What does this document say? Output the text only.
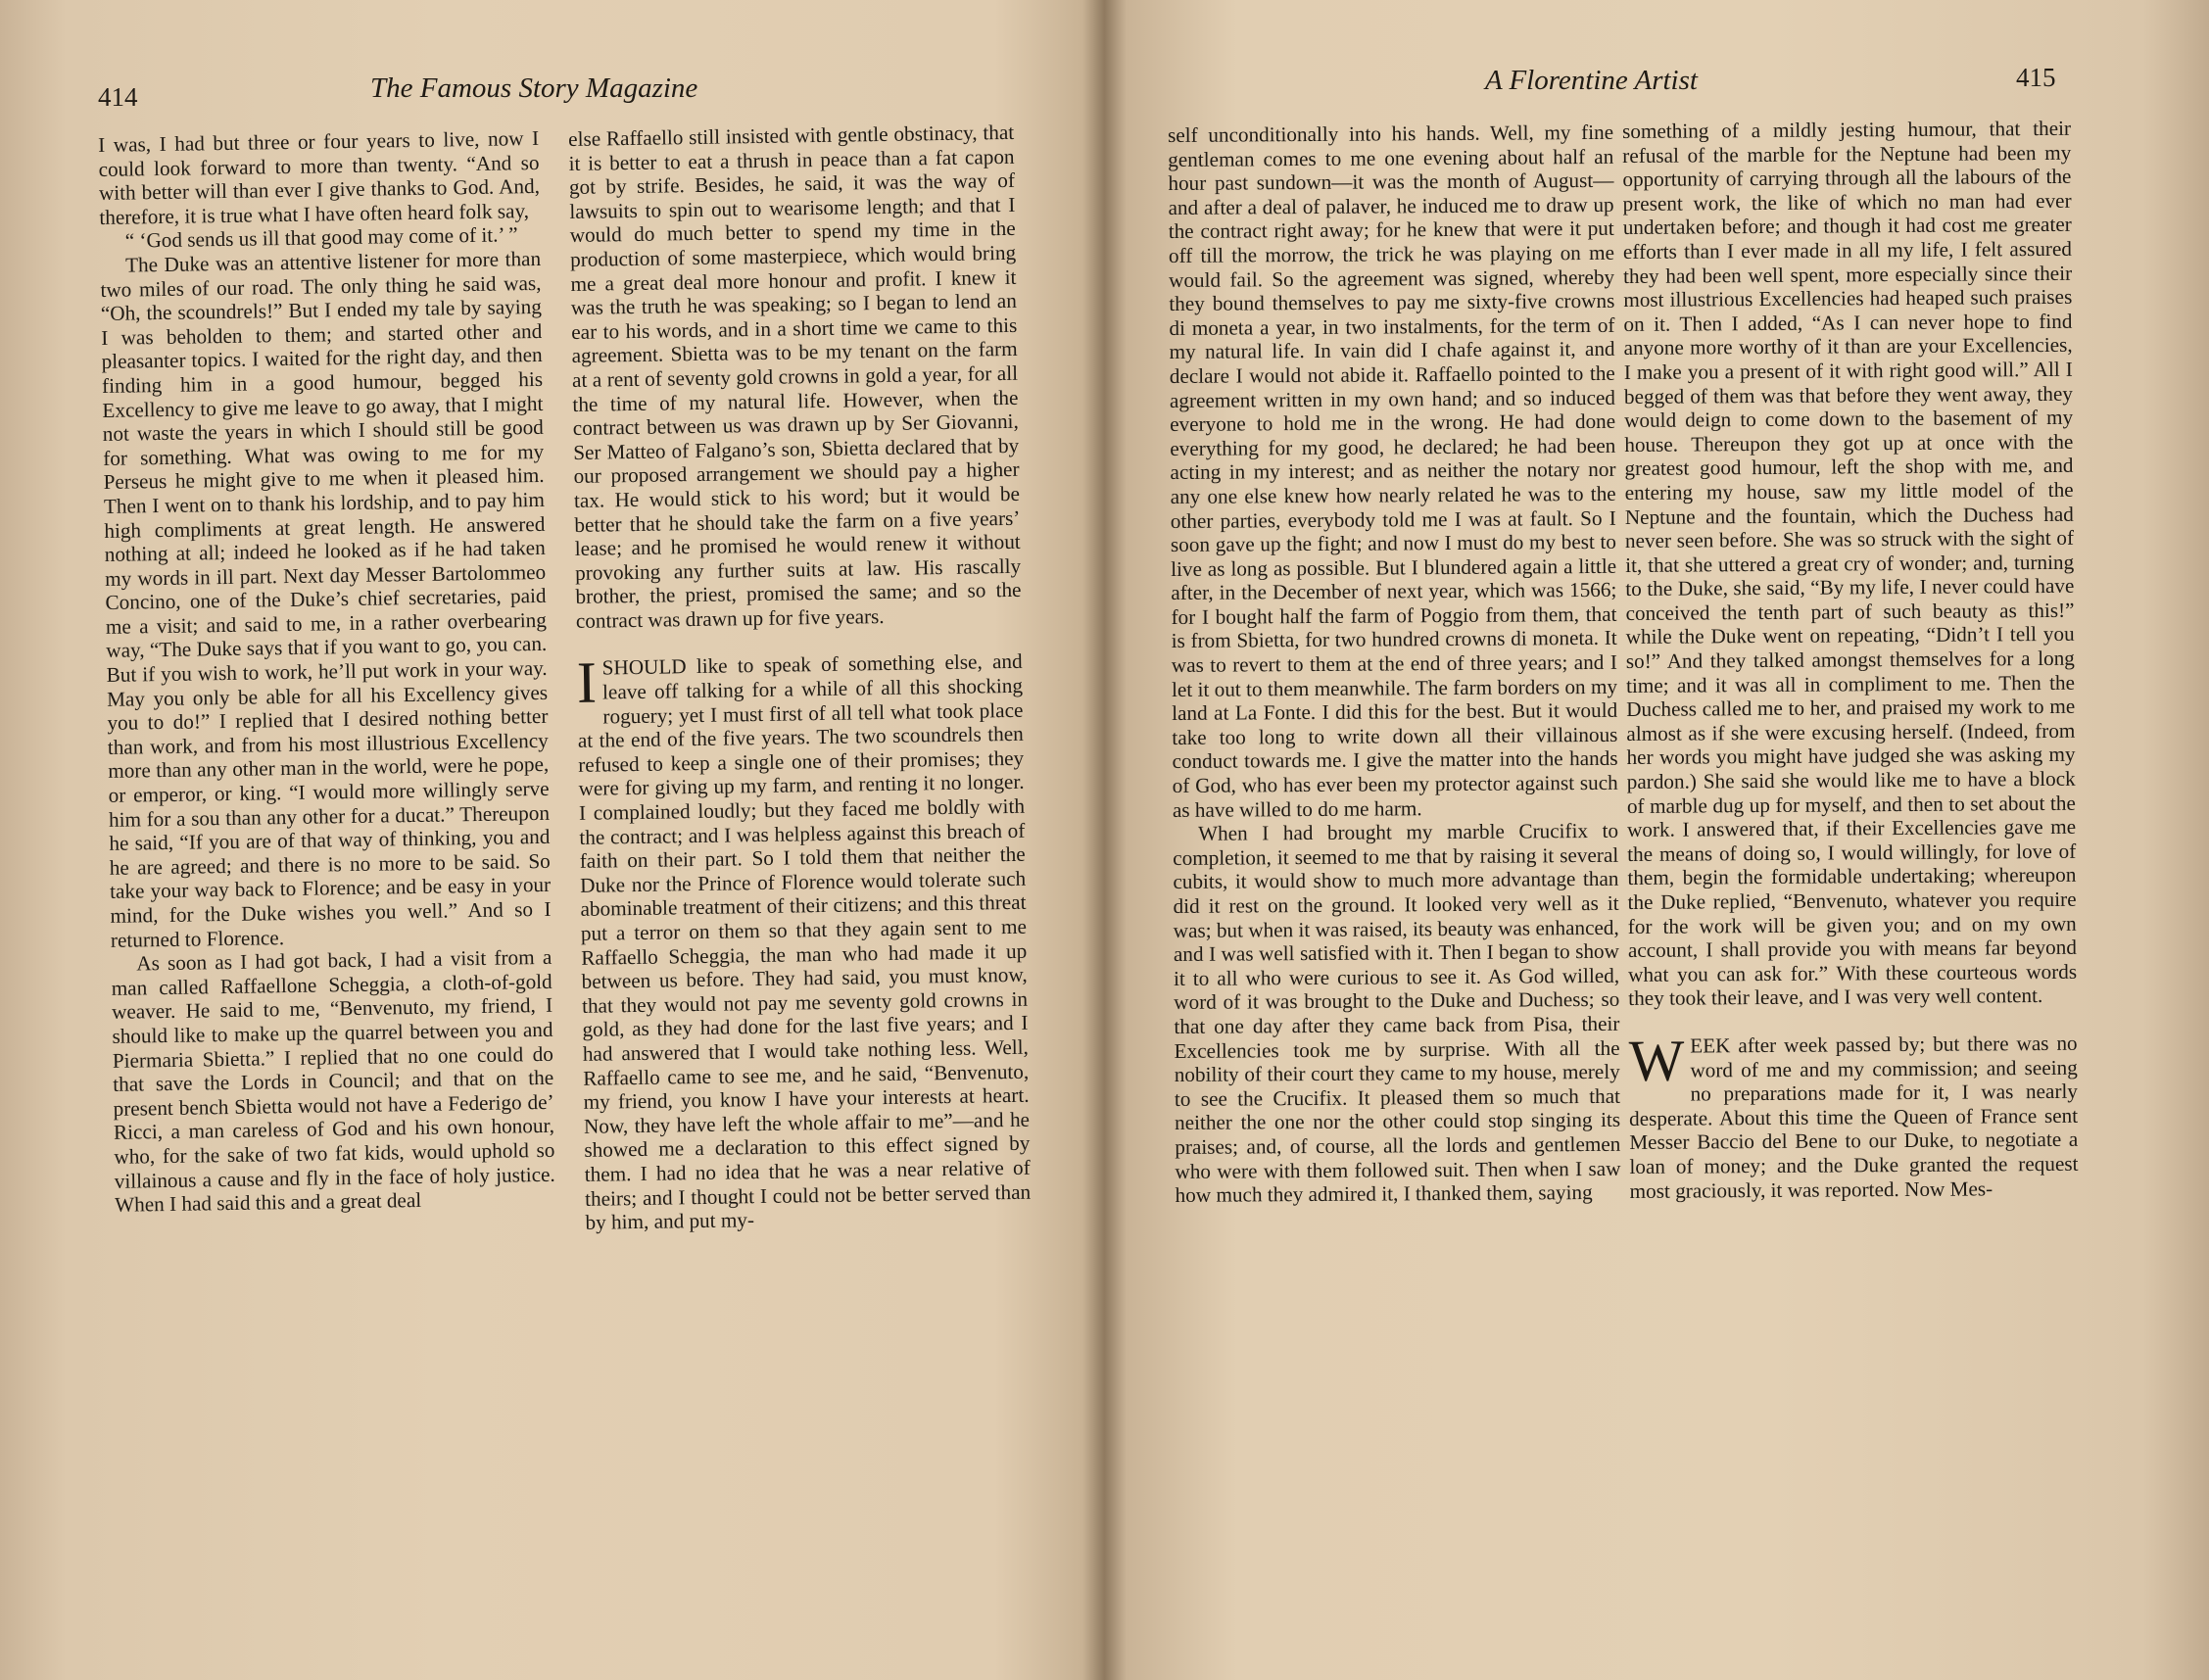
414	The Famous Story Magazine

I was, I had but three or four years to live, now I could look forward to more than twenty. “And so with better will than ever I give thanks to God. And, therefore, it is true what I have often heard folk say,

“ ‘God sends us ill that good may come of it.’ ”

The Duke was an attentive listener for more than two miles of our road. The only thing he said was, “Oh, the scoundrels!” But I ended my tale by saying I was beholden to them; and started other and pleasanter topics. I waited for the right day, and then finding him in a good humour, begged his Excellency to give me leave to go away, that I might not waste the years in which I should still be good for something. What was owing to me for my Perseus he might give to me when it pleased him. Then I went on to thank his lordship, and to pay him high compliments at great length. He answered nothing at all; indeed he looked as if he had taken my words in ill part. Next day Messer Bartolommeo Concino, one of the Duke’s chief secretaries, paid me a visit; and said to me, in a rather overbearing way, “The Duke says that if you want to go, you can. But if you wish to work, he’ll put work in your way. May you only be able for all his Excellency gives you to do!” I replied that I desired nothing better than work, and from his most illustrious Excellency more than any other man in the world, were he pope, or emperor, or king. “I would more willingly serve him for a sou than any other for a ducat.” Thereupon he said, “If you are of that way of thinking, you and he are agreed; and there is no more to be said. So take your way back to Florence; and be easy in your mind, for the Duke wishes you well.” And so I returned to Florence.

As soon as I had got back, I had a visit from a man called Raffaellone Scheggia, a cloth-of-gold weaver. He said to me, “Benvenuto, my friend, I should like to make up the quarrel between you and Piermaria Sbietta.” I replied that no one could do that save the Lords in Council; and that on the present bench Sbietta would not have a Federigo de’ Ricci, a man careless of God and his own honour, who, for the sake of two fat kids, would uphold so villainous a cause and fly in the face of holy justice. When I had said this and a great deal

else Raffaello still insisted with gentle obstinacy, that it is better to eat a thrush in peace than a fat capon got by strife. Besides, he said, it was the way of lawsuits to spin out to wearisome length; and that I would do much better to spend my time in the production of some masterpiece, which would bring me a great deal more honour and profit. I knew it was the truth he was speaking; so I began to lend an ear to his words, and in a short time we came to this agreement. Sbietta was to be my tenant on the farm at a rent of seventy gold crowns in gold a year, for all the time of my natural life. However, when the contract between us was drawn up by Ser Giovanni, Ser Matteo of Falgano’s son, Sbietta declared that by our proposed arrangement we should pay a higher tax. He would stick to his word; but it would be better that he should take the farm on a five years’ lease; and he promised he would renew it without provoking any further suits at law. His rascally brother, the priest, promised the same; and so the contract was drawn up for five years.

ISHOULD like to speak of something else, and leave off talking for a while of all this shocking roguery; yet I must first of all tell what took place at the end of the five years. The two scoundrels then refused to keep a single one of their promises; they were for giving up my farm, and renting it no longer. I complained loudly; but they faced me boldly with the contract; and I was helpless against this breach of faith on their part. So I told them that neither the Duke nor the Prince of Florence would tolerate such abominable treatment of their citizens; and this threat put a terror on them so that they again sent to me Raffaello Scheggia, the man who had made it up between us before. They had said, you must know, that they would not pay me seventy gold crowns in gold, as they had done for the last five years; and I had answered that I would take nothing less. Well, Raffaello came to see me, and he said, “Benvenuto, my friend, you know I have your interests at heart. Now, they have left the whole affair to me”—and he showed me a declaration to this effect signed by them. I had no idea that he was a near relative of theirs; and I thought I could not be better served than by him, and put my-

A Florentine Artist	415

self unconditionally into his hands. Well, my fine gentleman comes to me one evening about half an hour past sundown—it was the month of August—and after a deal of palaver, he induced me to draw up the contract right away; for he knew that were it put off till the morrow, the trick he was playing on me would fail. So the agreement was signed, whereby they bound themselves to pay me sixty-five crowns di moneta a year, in two instalments, for the term of my natural life. In vain did I chafe against it, and declare I would not abide it. Raffaello pointed to the agreement written in my own hand; and so induced everyone to hold me in the wrong. He had done everything for my good, he declared; he had been acting in my interest; and as neither the notary nor any one else knew how nearly related he was to the other parties, everybody told me I was at fault. So I soon gave up the fight; and now I must do my best to live as long as possible. But I blundered again a little after, in the December of next year, which was 1566; for I bought half the farm of Poggio from them, that is from Sbietta, for two hundred crowns di moneta. It was to revert to them at the end of three years; and I let it out to them meanwhile. The farm borders on my land at La Fonte. I did this for the best. But it would take too long to write down all their villainous conduct towards me. I give the matter into the hands of God, who has ever been my protector against such as have willed to do me harm.

When I had brought my marble Crucifix to completion, it seemed to me that by raising it several cubits, it would show to much more advantage than did it rest on the ground. It looked very well as it was; but when it was raised, its beauty was enhanced, and I was well satisfied with it. Then I began to show it to all who were curious to see it. As God willed, word of it was brought to the Duke and Duchess; so that one day after they came back from Pisa, their Excellencies took me by surprise. With all the nobility of their court they came to my house, merely to see the Crucifix. It pleased them so much that neither the one nor the other could stop singing its praises; and, of course, all the lords and gentlemen who were with them followed suit. Then when I saw how much they admired it, I thanked them, saying

something of a mildly jesting humour, that their refusal of the marble for the Neptune had been my opportunity of carrying through all the labours of the present work, the like of which no man had ever undertaken before; and though it had cost me greater efforts than I ever made in all my life, I felt assured they had been well spent, more especially since their most illustrious Excellencies had heaped such praises on it. Then I added, “As I can never hope to find anyone more worthy of it than are your Excellencies, I make you a present of it with right good will.” All I begged of them was that before they went away, they would deign to come down to the basement of my house. Thereupon they got up at once with the greatest good humour, left the shop with me, and entering my house, saw my little model of the Neptune and the fountain, which the Duchess had never seen before. She was so struck with the sight of it, that she uttered a great cry of wonder; and, turning to the Duke, she said, “By my life, I never could have conceived the tenth part of such beauty as this!” while the Duke went on repeating, “Didn’t I tell you so!” And they talked amongst themselves for a long time; and it was all in compliment to me. Then the Duchess called me to her, and praised my work to me almost as if she were excusing herself. (Indeed, from her words you might have judged she was asking my pardon.) She said she would like me to have a block of marble dug up for myself, and then to set about the work. I answered that, if their Excellencies gave me the means of doing so, I would willingly, for love of them, begin the formidable undertaking; whereupon the Duke replied, “Benvenuto, whatever you require for the work will be given you; and on my own account, I shall provide you with means far beyond what you can ask for.” With these courteous words they took their leave, and I was very well content.

WEEK after week passed by; but there was no word of me and my commission; and seeing no preparations made for it, I was nearly desperate. About this time the Queen of France sent Messer Baccio del Bene to our Duke, to negotiate a loan of money; and the Duke granted the request most graciously, it was reported. Now Mes-
